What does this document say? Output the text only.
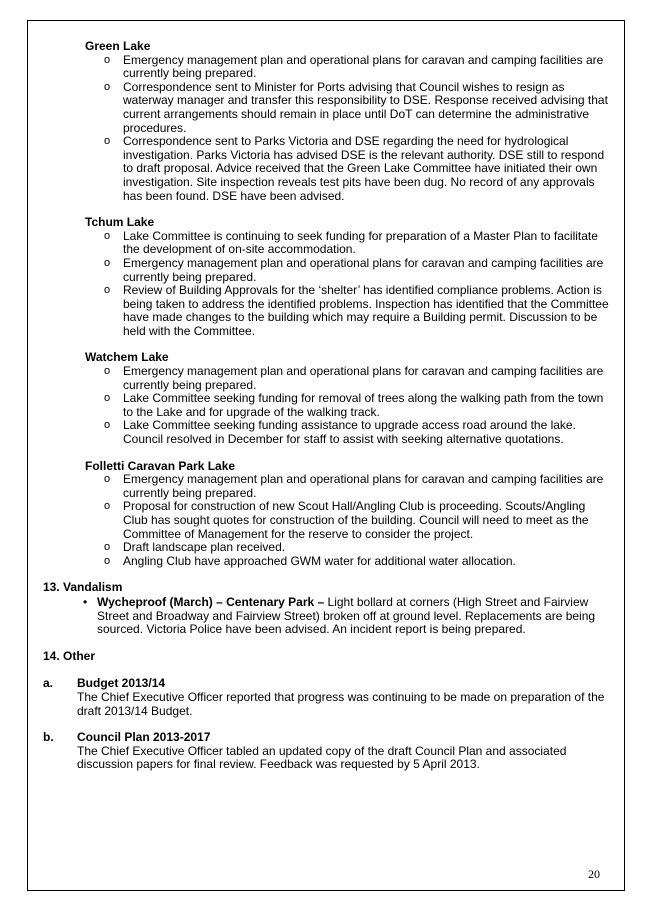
Green Lake
o Emergency management plan and operational plans for caravan and camping facilities are currently being prepared.
o Correspondence sent to Minister for Ports advising that Council wishes to resign as waterway manager and transfer this responsibility to DSE. Response received advising that current arrangements should remain in place until DoT can determine the administrative procedures.
o Correspondence sent to Parks Victoria and DSE regarding the need for hydrological investigation. Parks Victoria has advised DSE is the relevant authority. DSE still to respond to draft proposal. Advice received that the Green Lake Committee have initiated their own investigation. Site inspection reveals test pits have been dug. No record of any approvals has been found. DSE have been advised.
Tchum Lake
o Lake Committee is continuing to seek funding for preparation of a Master Plan to facilitate the development of on-site accommodation.
o Emergency management plan and operational plans for caravan and camping facilities are currently being prepared.
o Review of Building Approvals for the ‘shelter’ has identified compliance problems. Action is being taken to address the identified problems. Inspection has identified that the Committee have made changes to the building which may require a Building permit. Discussion to be held with the Committee.
Watchem Lake
o Emergency management plan and operational plans for caravan and camping facilities are currently being prepared.
o Lake Committee seeking funding for removal of trees along the walking path from the town to the Lake and for upgrade of the walking track.
o Lake Committee seeking funding assistance to upgrade access road around the lake. Council resolved in December for staff to assist with seeking alternative quotations.
Folletti Caravan Park Lake
o Emergency management plan and operational plans for caravan and camping facilities are currently being prepared.
o Proposal for construction of new Scout Hall/Angling Club is proceeding. Scouts/Angling Club has sought quotes for construction of the building. Council will need to meet as the Committee of Management for the reserve to consider the project.
o Draft landscape plan received.
o Angling Club have approached GWM water for additional water allocation.
13. Vandalism
• Wycheproof (March) – Centenary Park – Light bollard at corners (High Street and Fairview Street and Broadway and Fairview Street) broken off at ground level. Replacements are being sourced. Victoria Police have been advised. An incident report is being prepared.
14. Other
a. Budget 2013/14

The Chief Executive Officer reported that progress was continuing to be made on preparation of the draft 2013/14 Budget.

b. Council Plan 2013-2017

The Chief Executive Officer tabled an updated copy of the draft Council Plan and associated discussion papers for final review. Feedback was requested by 5 April 2013.

20
